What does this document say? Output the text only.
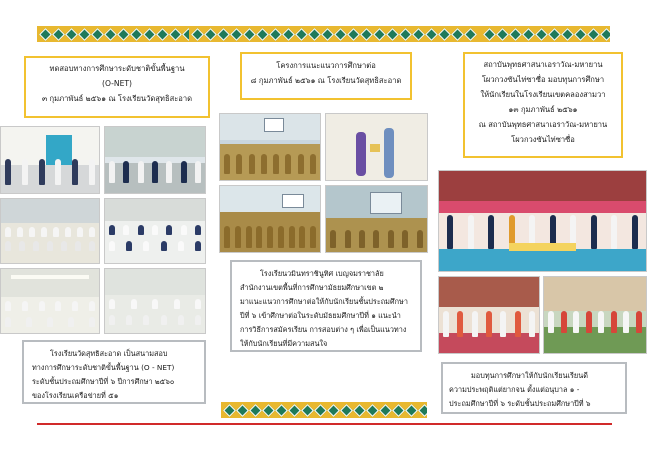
ทดสอบทางการศึกษาระดับชาติขั้นพื้นฐาน
(O-NET)
๓ กุมภาพันธ์ ๒๕๖๑ ณ โรงเรียนวัดสุทธิสะอาด
โครงการแนะแนวการศึกษาต่อ
๘ กุมภาพันธ์ ๒๕๖๑ ณ โรงเรียนวัดสุทธิสะอาด
สถาบันพุทธศาสนาเอราวัณ-มหายาน
โผวกวงซันไท่ซาซื่อ มอบทุนการศึกษา
ให้นักเรียนในโรงเรียนเขตคลองสามวา
๑๓ กุมภาพันธ์ ๒๕๖๑
ณ สถาบันพุทธศาสนาเอราวัณ-มหายาน
โผวกวงซันไท่ซาซื่อ
โรงเรียนวัดสุทธิสะอาด เป็นสนามสอบ
ทางการศึกษาระดับชาติขั้นพื้นฐาน (O - NET)
ระดับชั้นประถมศึกษาปีที่ ๖ ปีการศึกษา ๒๕๖๐
ของโรงเรียนเครือข่ายที่ ๕๑
โรงเรียนวมินทราชินูทิศ เบญจมราชาลัย
สำนักงานเขตพื้นที่การศึกษามัธยมศึกษาเขต ๒
มาแนะแนวการศึกษาต่อให้กับนักเรียนชั้นประถมศึกษา
ปีที่ ๖ เข้าศึกษาต่อในระดับมัธยมศึกษาปีที่ ๑ แนะนำ
การวิธีการสมัครเรียน การสอบต่าง ๆ เพื่อเป็นแนวทาง
ให้กับนักเรียนที่มีความสนใจ
มอบทุนการศึกษาให้กับนักเรียนเรียนดี
ความประพฤติแต่ยากจน ตั้งแต่อนุบาล ๑ -
ประถมศึกษาปีที่ ๖ ระดับชั้นประถมศึกษาปีที่ ๖
